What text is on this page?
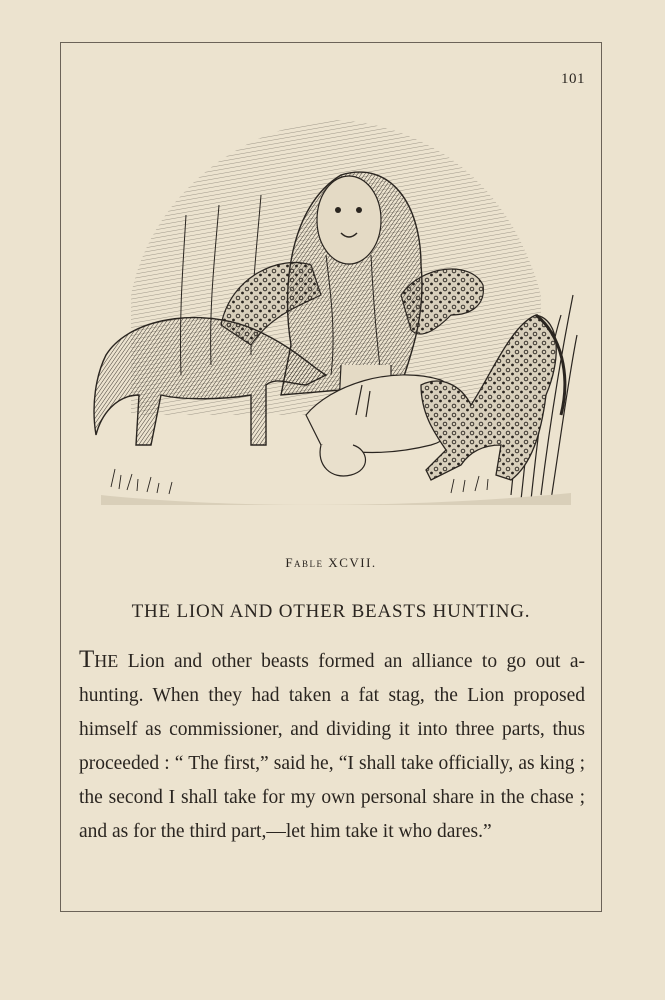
101
Fable XCVII.
THE LION AND OTHER BEASTS HUNTING.

The Lion and other beasts formed an alliance to go out a-hunting. When they had taken a fat stag, the Lion proposed himself as commissioner, and dividing it into three parts, thus proceeded : “ The first,” said he, “I shall take officially, as king ; the second I shall take for my own personal share in the chase ; and as for the third part,—let him take it who dares.”
